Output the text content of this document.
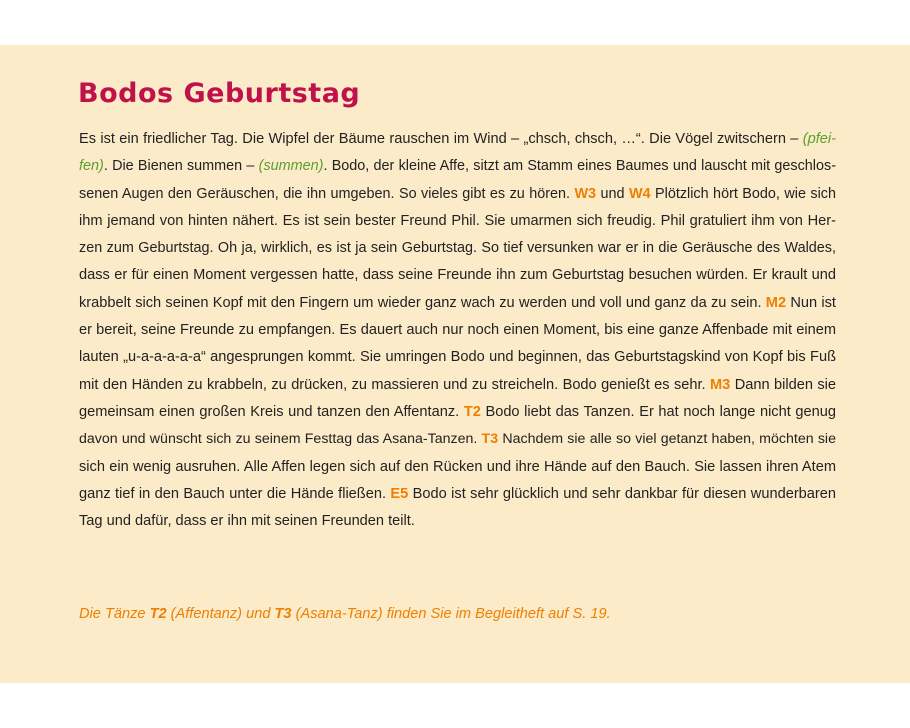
Bodos Geburtstag
Es ist ein friedlicher Tag. Die Wipfel der Bäume rauschen im Wind – „chsch, chsch, …“. Die Vögel zwitschern – (pfei-
fen). Die Bienen summen – (summen). Bodo, der kleine Affe, sitzt am Stamm eines Baumes und lauscht mit geschlos-
senen Augen den Geräuschen, die ihn umgeben. So vieles gibt es zu hören. W3 und W4 Plötzlich hört Bodo, wie sich
ihm jemand von hinten nähert. Es ist sein bester Freund Phil. Sie umarmen sich freudig. Phil gratuliert ihm von Her-
zen zum Geburtstag. Oh ja, wirklich, es ist ja sein Geburtstag. So tief versunken war er in die Geräusche des Waldes,
dass er für einen Moment vergessen hatte, dass seine Freunde ihn zum Geburtstag besuchen würden. Er krault und
krabbelt sich seinen Kopf mit den Fingern um wieder ganz wach zu werden und voll und ganz da zu sein. M2 Nun ist
er bereit, seine Freunde zu empfangen. Es dauert auch nur noch einen Moment, bis eine ganze Affenbade mit einem
lauten „u-a-a-a-a-a“ angesprungen kommt. Sie umringen Bodo und beginnen, das Geburtstagskind von Kopf bis Fuß
mit den Händen zu krabbeln, zu drücken, zu massieren und zu streicheln. Bodo genießt es sehr. M3 Dann bilden sie
gemeinsam einen großen Kreis und tanzen den Affentanz. T2 Bodo liebt das Tanzen. Er hat noch lange nicht genug
davon und wünscht sich zu seinem Festtag das Asana-Tanzen. T3 Nachdem sie alle so viel getanzt haben, möchten sie
sich ein wenig ausruhen. Alle Affen legen sich auf den Rücken und ihre Hände auf den Bauch. Sie lassen ihren Atem
ganz tief in den Bauch unter die Hände fließen. E5 Bodo ist sehr glücklich und sehr dankbar für diesen wunderbaren
Tag und dafür, dass er ihn mit seinen Freunden teilt.

Die Tänze T2 (Affentanz) und T3 (Asana-Tanz) finden Sie im Begleitheft auf S. 19.
